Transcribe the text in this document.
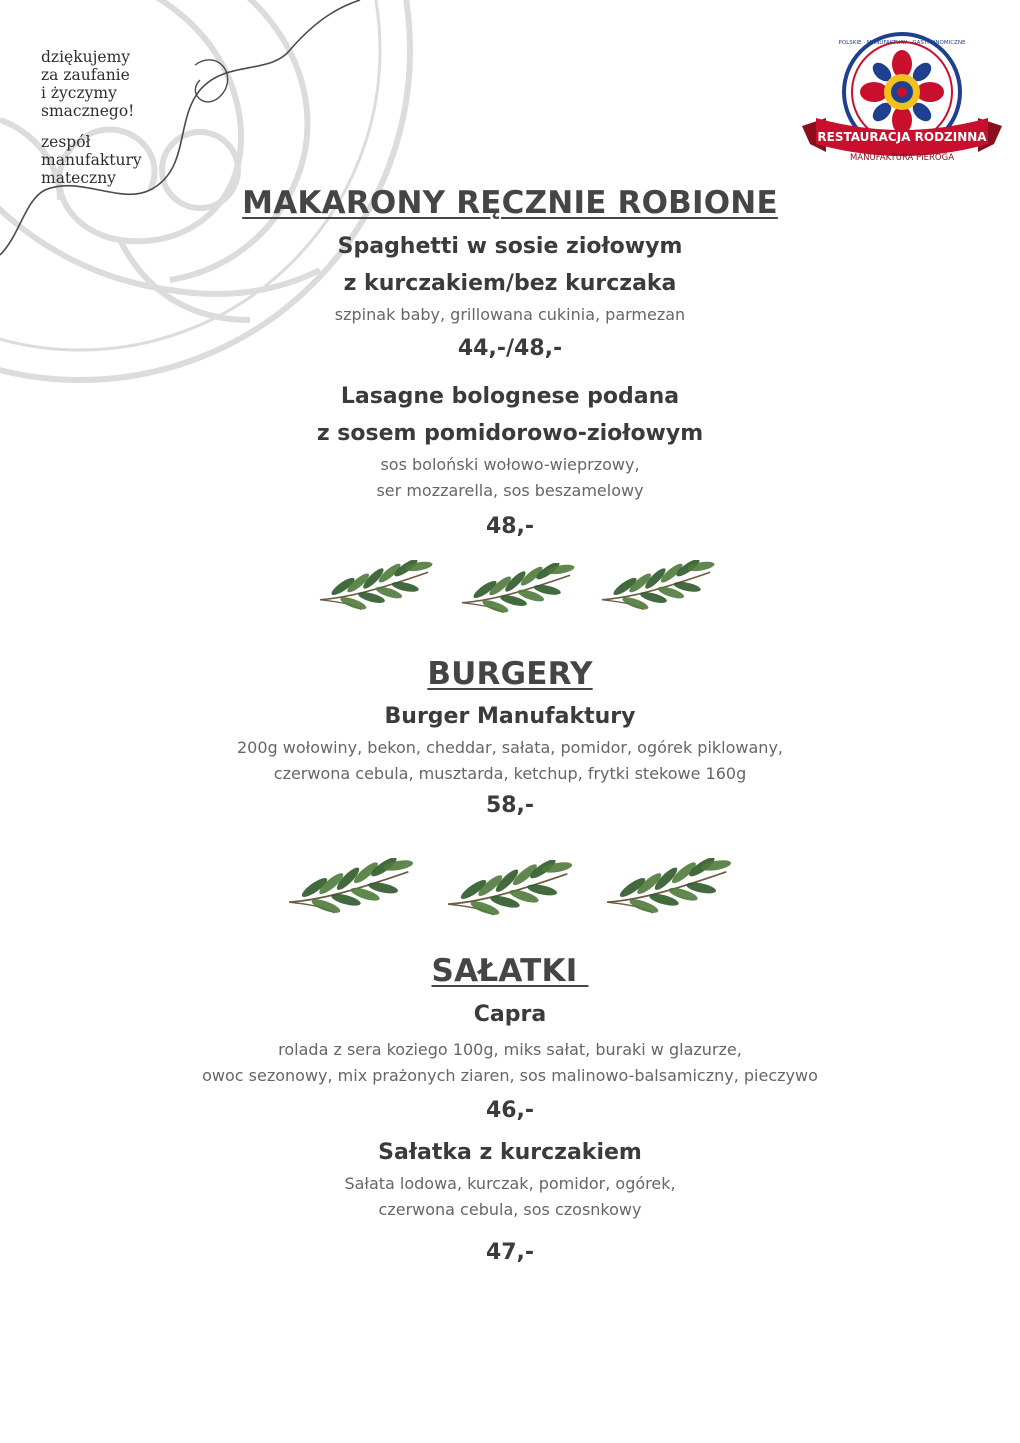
dziękujemy
za zaufanie
i życzymy
smacznego!
zespół
manufaktury
mateczny
POLSKIE · MANUFAKTURY · GASTRONOMICZNE
RESTAURACJA RODZINNA
MANUFAKTURA PIEROGA
MAKARONY RĘCZNIE ROBIONE
Spaghetti w sosie ziołowym
z kurczakiem/bez kurczaka
szpinak baby, grillowana cukinia, parmezan
44,-/48,-
Lasagne bolognese podana
z sosem pomidorowo-ziołowym
sos boloński wołowo-wieprzowy,
ser mozzarella, sos beszamelowy
48,-
BURGERY
Burger Manufaktury
200g wołowiny, bekon, cheddar, sałata, pomidor, ogórek piklowany,
czerwona cebula, musztarda, ketchup, frytki stekowe 160g
58,-
SAŁATKI
Capra
rolada z sera koziego 100g, miks sałat, buraki w glazurze,
owoc sezonowy, mix prażonych ziaren, sos malinowo-balsamiczny, pieczywo
46,-
Sałatka z kurczakiem
Sałata lodowa, kurczak, pomidor, ogórek,
czerwona cebula, sos czosnkowy
47,-
